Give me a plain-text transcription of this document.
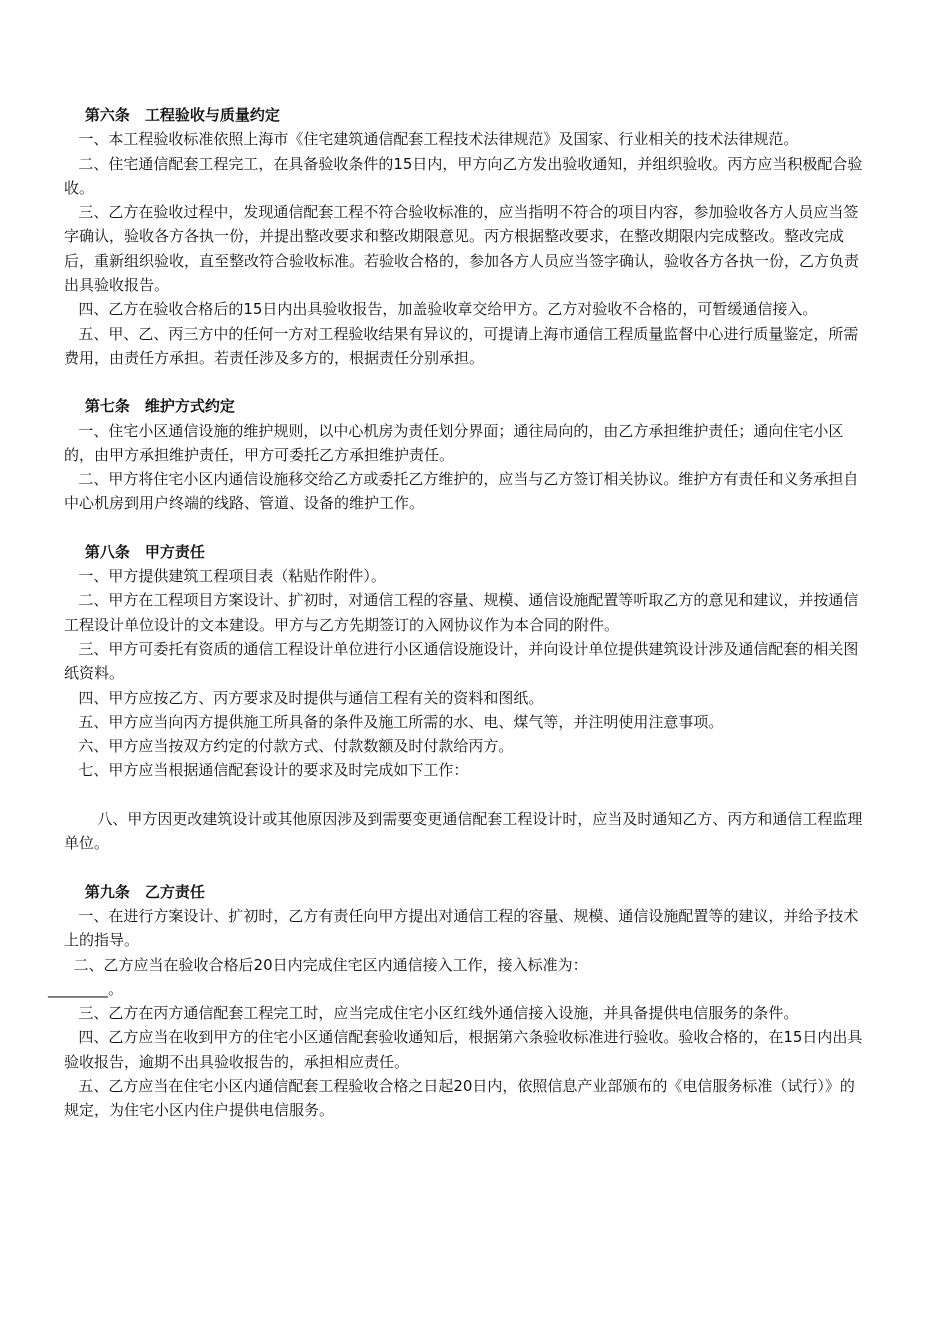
第六条　工程验收与质量约定

一、本工程验收标准依照上海市《住宅建筑通信配套工程技术法律规范》及国家、行业相关的技术法律规范。

二、住宅通信配套工程完工，在具备验收条件的15日内，甲方向乙方发出验收通知，并组织验收。丙方应当积极配合验收。

三、乙方在验收过程中，发现通信配套工程不符合验收标准的，应当指明不符合的项目内容，参加验收各方人员应当签字确认，验收各方各执一份，并提出整改要求和整改期限意见。丙方根据整改要求，在整改期限内完成整改。整改完成后，重新组织验收，直至整改符合验收标准。若验收合格的，参加各方人员应当签字确认，验收各方各执一份，乙方负责出具验收报告。

四、乙方在验收合格后的15日内出具验收报告，加盖验收章交给甲方。乙方对验收不合格的，可暂缓通信接入。

五、甲、乙、丙三方中的任何一方对工程验收结果有异议的，可提请上海市通信工程质量监督中心进行质量鉴定，所需费用，由责任方承担。若责任涉及多方的，根据责任分别承担。

第七条　维护方式约定

一、住宅小区通信设施的维护规则，以中心机房为责任划分界面；通往局向的，由乙方承担维护责任；通向住宅小区的，由甲方承担维护责任，甲方可委托乙方承担维护责任。

二、甲方将住宅小区内通信设施移交给乙方或委托乙方维护的，应当与乙方签订相关协议。维护方有责任和义务承担自中心机房到用户终端的线路、管道、设备的维护工作。

第八条　甲方责任

一、甲方提供建筑工程项目表（粘贴作附件）。

二、甲方在工程项目方案设计、扩初时，对通信工程的容量、规模、通信设施配置等听取乙方的意见和建议，并按通信工程设计单位设计的文本建设。甲方与乙方先期签订的入网协议作为本合同的附件。

三、甲方可委托有资质的通信工程设计单位进行小区通信设施设计，并向设计单位提供建筑设计涉及通信配套的相关图纸资料。

四、甲方应按乙方、丙方要求及时提供与通信工程有关的资料和图纸。

五、甲方应当向丙方提供施工所具备的条件及施工所需的水、电、煤气等，并注明使用注意事项。

六、甲方应当按双方约定的付款方式、付款数额及时付款给丙方。

七、甲方应当根据通信配套设计的要求及时完成如下工作：

八、甲方因更改建筑设计或其他原因涉及到需要变更通信配套工程设计时，应当及时通知乙方、丙方和通信工程监理单位。

第九条　乙方责任

一、在进行方案设计、扩初时，乙方有责任向甲方提出对通信工程的容量、规模、通信设施配置等的建议，并给予技术上的指导。

二、乙方应当在验收合格后20日内完成住宅区内通信接入工作，接入标准为：

________。

三、乙方在丙方通信配套工程完工时，应当完成住宅小区红线外通信接入设施，并具备提供电信服务的条件。

四、乙方应当在收到甲方的住宅小区通信配套验收通知后，根据第六条验收标准进行验收。验收合格的，在15日内出具验收报告，逾期不出具验收报告的，承担相应责任。

五、乙方应当在住宅小区内通信配套工程验收合格之日起20日内，依照信息产业部颁布的《电信服务标准（试行）》的规定，为住宅小区内住户提供电信服务。
